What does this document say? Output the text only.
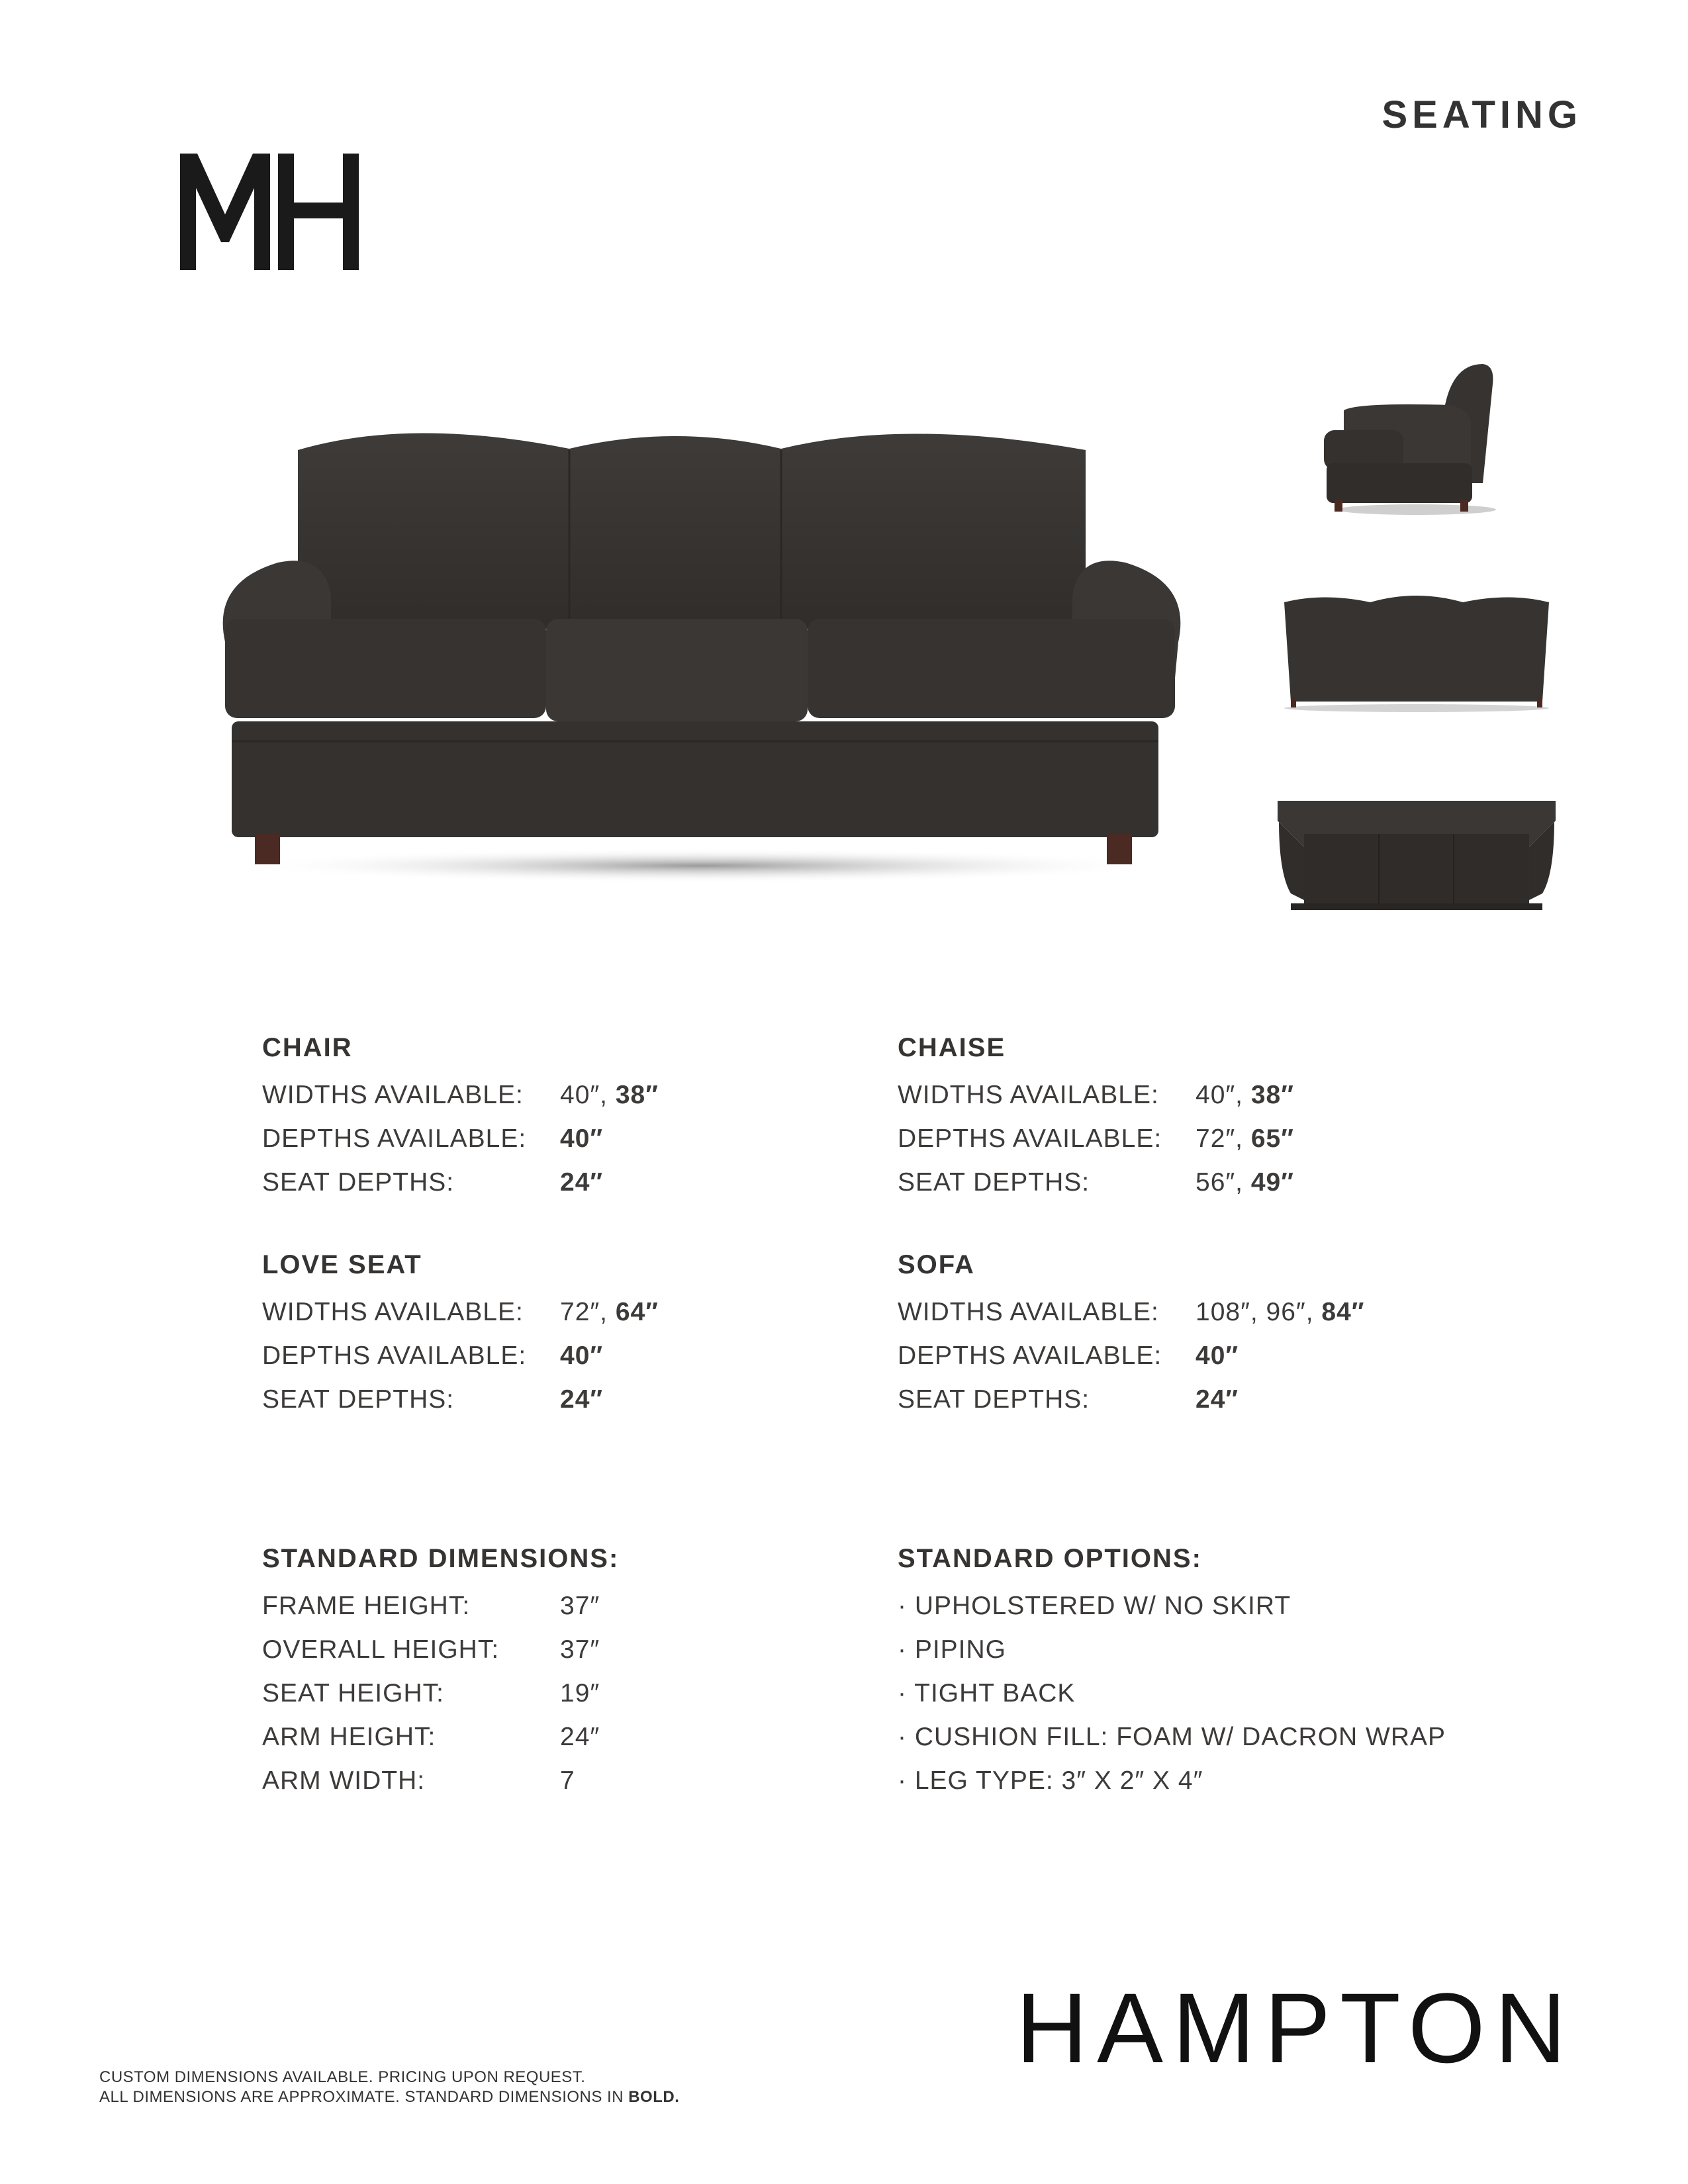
SEATING
CHAIR
WIDTHS AVAILABLE: 40″, 38″
DEPTHS AVAILABLE: 40″
SEAT DEPTHS:	24″
CHAISE
WIDTHS AVAILABLE: 40″, 38″
DEPTHS AVAILABLE: 72″, 65″
SEAT DEPTHS:	56″, 49″
LOVE SEAT
WIDTHS AVAILABLE: 72″, 64″
DEPTHS AVAILABLE: 40″
SEAT DEPTHS:	24″
SOFA
WIDTHS AVAILABLE: 108″, 96″, 84″
DEPTHS AVAILABLE: 40″
SEAT DEPTHS:	24″
STANDARD DIMENSIONS:
FRAME HEIGHT:	37″
OVERALL HEIGHT: 37″
SEAT HEIGHT:	19″
ARM HEIGHT:	24″
ARM WIDTH:	7
STANDARD OPTIONS:
· UPHOLSTERED W/ NO SKIRT
· PIPING
· TIGHT BACK
· CUSHION FILL: FOAM W/ DACRON WRAP
· LEG TYPE: 3″ X 2″ X 4″
HAMPTON
CUSTOM DIMENSIONS AVAILABLE. PRICING UPON REQUEST.
ALL DIMENSIONS ARE APPROXIMATE. STANDARD DIMENSIONS IN BOLD.
